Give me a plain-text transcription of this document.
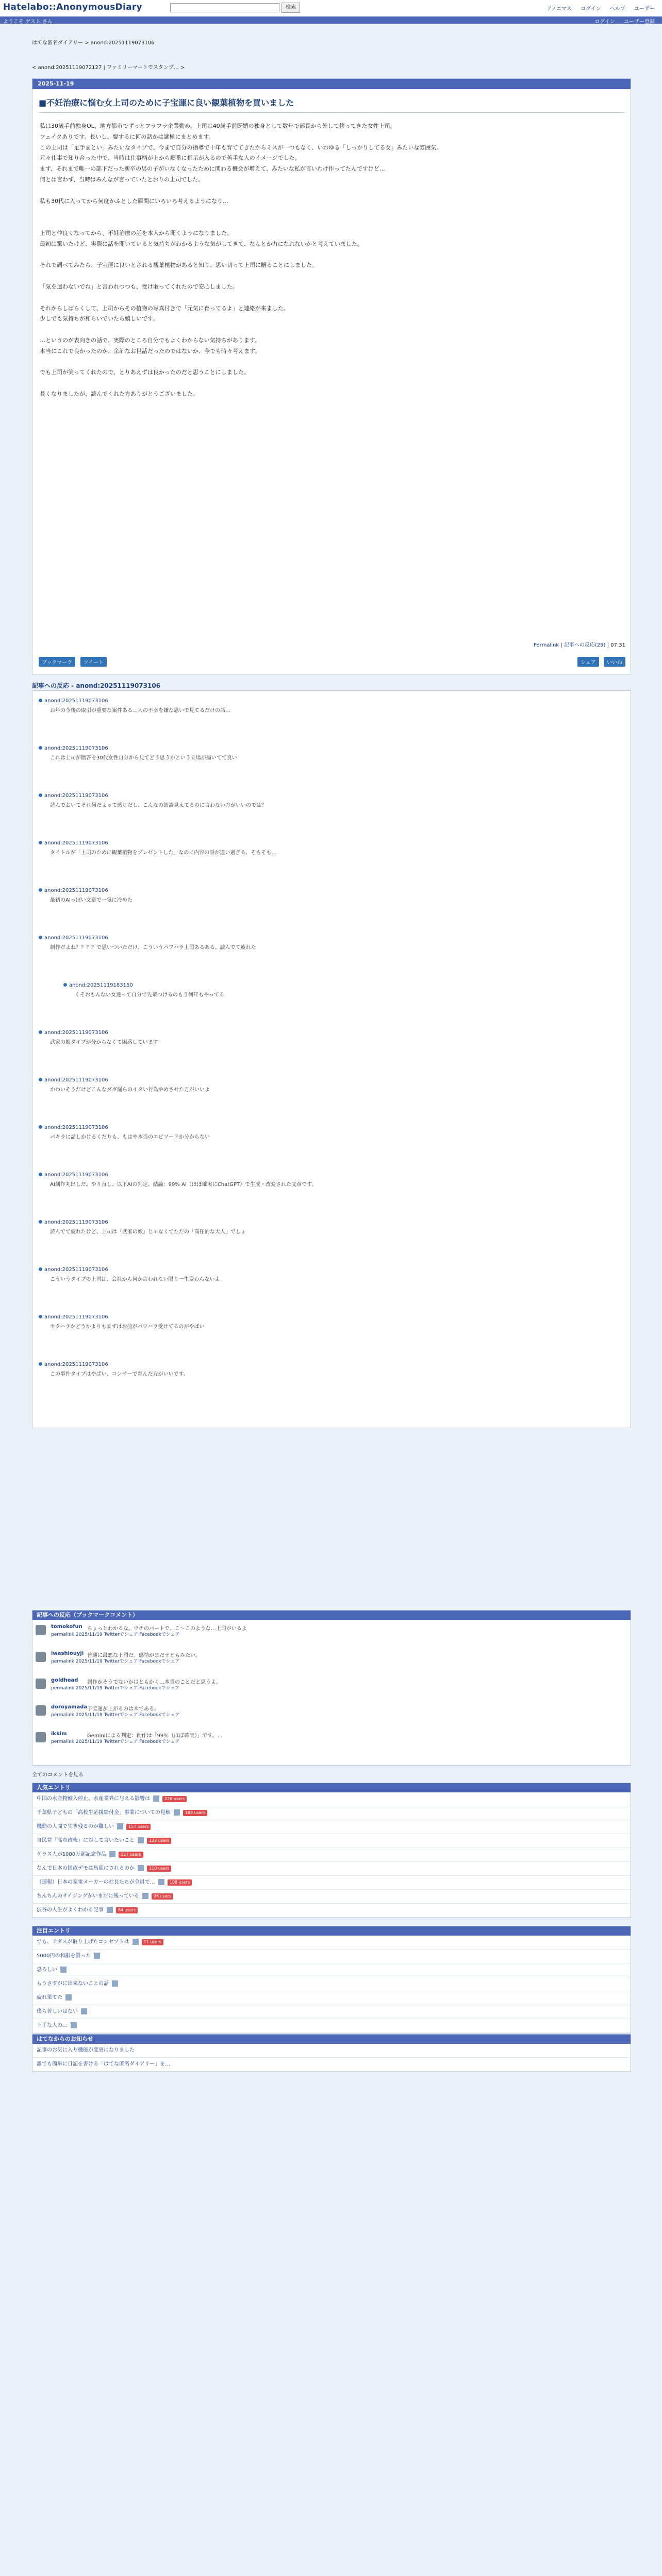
Hatelabo::AnonymousDiary	検索	アノニマス ログイン ヘルプ ユーザー
ようこそ ゲスト さん	ログイン ユーザー登録
はてな匿名ダイアリー > anond:20251119073106
< anond:20251119072127 | ファミリーマートでスタンプ… >
2025-11-19
■不妊治療に悩む女上司のために子宝運に良い観葉植物を買いました
私は30歳手前独身OL、地方都市でずっとフラフラ企業勤め。上司は40歳手前既婚の独身として数年で部長から外して移ってきた女性上司。
フェイクありです。長いし、要するに何の話かは謎極にまとめます。
この上司は「足手まとい」みたいなタイプで、今まで自分の指導で十年も育ててきたからミスが一つもなく、いわゆる「しっかりしてる女」みたいな雰囲気。
元々仕事で知り合った中で、当時は仕事柄が上から順番に指示が入るので苦手な人のイメージでした。
まず、それまで唯一の部下だった新卒の男の子がいなくなったために関わる機会が増えて、みたいな私が言いわけ作ってたんですけど…
何とは言わず、当時はみんなが言っていたとおりの上司でした。

私も30代に入ってから何度かふとした瞬間にいろいろ考えるようになり…

上司と仲良くなってから、不妊治療の話を本人から聞くようになりました。
最初は驚いたけど、実際に話を聞いていると気持ちがわかるような気がしてきて、なんとか力になれないかと考えていました。

それで調べてみたら、子宝運に良いとされる観葉植物があると知り、思い切って上司に贈ることにしました。

「気を遣わないでね」と言われつつも、受け取ってくれたので安心しました。

それからしばらくして、上司からその植物の写真付きで「元気に育ってるよ」と連絡が来ました。
少しでも気持ちが和らいでいたら嬉しいです。

…というのが表向きの話で、実際のところ自分でもよくわからない気持ちがあります。
本当にこれで良かったのか、余計なお世話だったのではないか、今でも時々考えます。

でも上司が笑ってくれたので、とりあえずは良かったのだと思うことにしました。

長くなりましたが、読んでくれた方ありがとうございました。
Permalink | 記事への反応(29) | 07:31
ブックマーク ツイート	シェア いいね
記事への反応 - anond:20251119073106
anond:20251119073106
お年の今後の取引が重要な案件ある…人の不幸を嫌な思いで見てるだけの話…
anond:20251119073106
これは上司が贈答を30代女性自分から見てどう思うかという立場が描いてて良い
anond:20251119073106
読んでおいてそれ何だよって感じだし、こんなの結論見えてるのに言わない方がいいのでは？
anond:20251119073106
タイトルが「上司のために観葉植物をプレゼントした」なのに内容の話が違い過ぎる、そもそも…
anond:20251119073106
最初のAIっぽい文章で一気に冷めた
anond:20251119073106
創作だよね？？？？で思いついただけ。こういうパワハラ上司あるある。読んでて疲れた
anond:20251119183150
くそおもんない女達って自分で先輩つけるのもう何年もやってる
anond:20251119073106
武家の娘タイプが分からなくて困惑しています
anond:20251119073106
かわいそうだけどこんなダダ漏らのイタい行為やめさせた方がいいよ
anond:20251119073106
パキラに話しかけるくだりも、もはや本当のエピソードか分からない
anond:20251119073106
AI創作丸出しだ。やり直し、以下AIの判定。結論：99% AI（ほぼ確実にChatGPT）で生成・改変された文章です。
anond:20251119073106
読んでて疲れたけど、上司は「武家の娘」じゃなくてただの「高圧的な大人」でしょ
anond:20251119073106
こういうタイプの上司は、会社から何か言われない限り一生変わらないよ
anond:20251119073106
セクハラかどうかよりもまずはお前がパワハラ受けてるのがやばい
anond:20251119073106
この事件タイプはやばい、コンサーで育んだ方がいいです。
記事への反応（ブックマークコメント）
tomokofun ちょっとわかるな。ウチのパートで、こ〜このような…上司がいるよ
permalink 2025/11/19 Twitterでシェア Facebookでシェア
iwashiouyji 普通に最悪な上司だ。感情がまだ子どもみたい。
permalink 2025/11/19 Twitterでシェア Facebookでシェア
goldhead 創作かそうでないかはともかく…本当のことだと思うよ。
permalink 2025/11/19 Twitterでシェア Facebookでシェア
doroyamada 子宝運が上がるのは木である。
permalink 2025/11/19 Twitterでシェア Facebookでシェア
ikkim	Geminiによる判定：創作は「99％（ほぼ確実）」です。…
permalink 2025/11/19 Twitterでシェア Facebookでシェア
全てのコメントを見る
人気エントリ
中国の水産物輸入停止、水産業界に与える影響は	226 users
千葉県子どもの「高校生応援給付金」事業についての見解	183 users
機動の人間で生き残るのが難しい	157 users
自民党「高市政権」に対して言いたいこと	133 users
ケラス人が1000万部記念作品	127 users
なんで日本の国政デモは馬鹿にされるのか	110 users
（速報）日本の家電メーカーの社長たちが全員で…	108 users
ちんちんのサイジングがいまだに残っている	96 users
渋谷の人生がよくわかる記事	64 users
注目エントリ
でも、テダスが取り上げたコンセプトは	11 users
5000円の和服を買った
恐ろしい
もうさすがに出来ないことの話
疲れ果てた
僕ら苦しいはない
下手な人の…
はてなからのお知らせ
記事のお気に入り機能が変更になりました
誰でも簡単に日記を書ける「はてな匿名ダイアリー」を…
